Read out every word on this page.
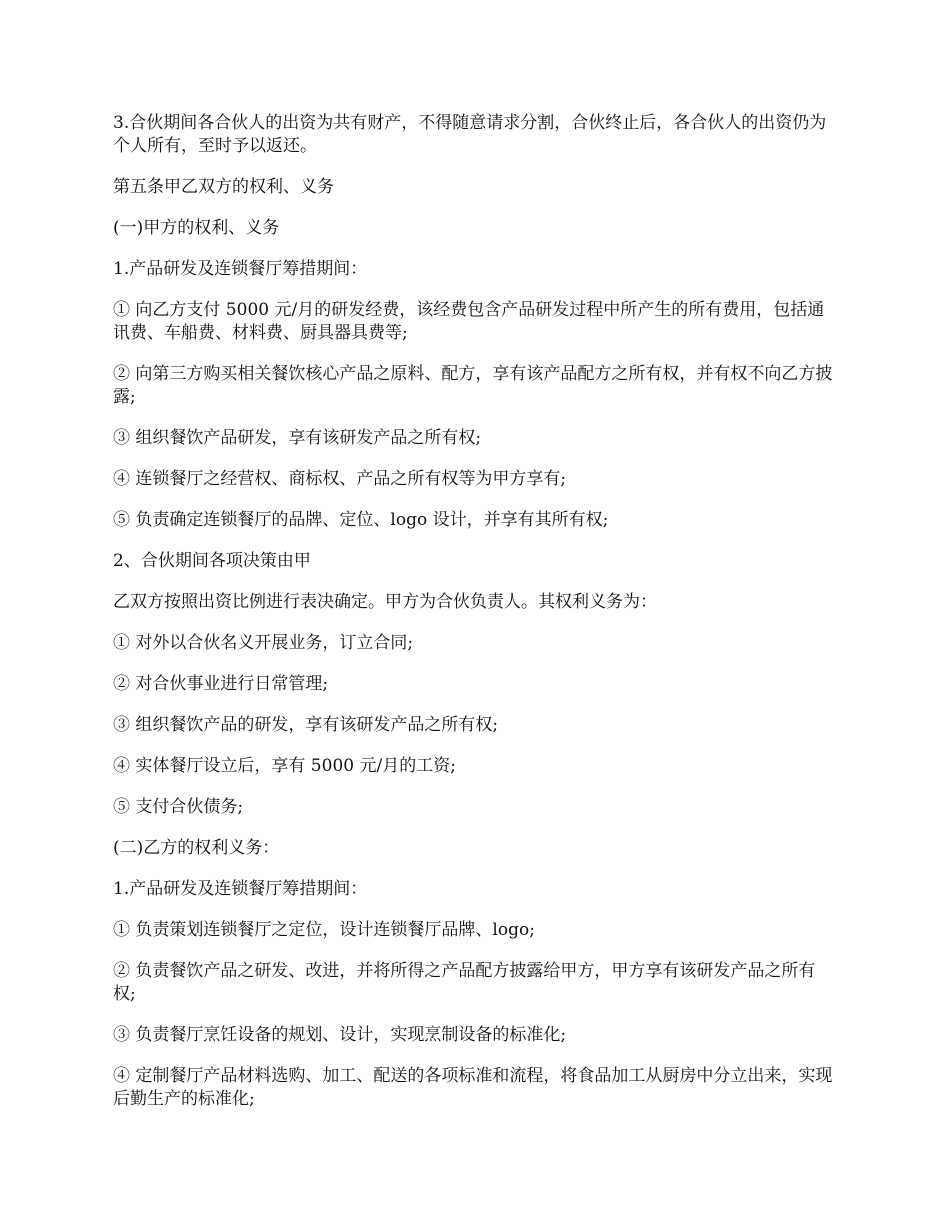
3.合伙期间各合伙人的出资为共有财产，不得随意请求分割，合伙终止后，各合伙人的出资仍为个人所有，至时予以返还。

第五条甲乙双方的权利、义务

(一)甲方的权利、义务

1.产品研发及连锁餐厅筹措期间：

① 向乙方支付 5000 元/月的研发经费，该经费包含产品研发过程中所产生的所有费用，包括通讯费、车船费、材料费、厨具器具费等;

② 向第三方购买相关餐饮核心产品之原料、配方，享有该产品配方之所有权，并有权不向乙方披露;

③ 组织餐饮产品研发，享有该研发产品之所有权;

④ 连锁餐厅之经营权、商标权、产品之所有权等为甲方享有;

⑤ 负责确定连锁餐厅的品牌、定位、logo 设计，并享有其所有权;

2、合伙期间各项决策由甲

乙双方按照出资比例进行表决确定。甲方为合伙负责人。其权利义务为：

① 对外以合伙名义开展业务，订立合同;

② 对合伙事业进行日常管理;

③ 组织餐饮产品的研发，享有该研发产品之所有权;

④ 实体餐厅设立后，享有 5000 元/月的工资;

⑤ 支付合伙债务;

(二)乙方的权利义务：

1.产品研发及连锁餐厅筹措期间：

① 负责策划连锁餐厅之定位，设计连锁餐厅品牌、logo;

② 负责餐饮产品之研发、改进，并将所得之产品配方披露给甲方，甲方享有该研发产品之所有权;

③ 负责餐厅烹饪设备的规划、设计，实现烹制设备的标准化;

④ 定制餐厅产品材料选购、加工、配送的各项标准和流程，将食品加工从厨房中分立出来，实现后勤生产的标准化;
